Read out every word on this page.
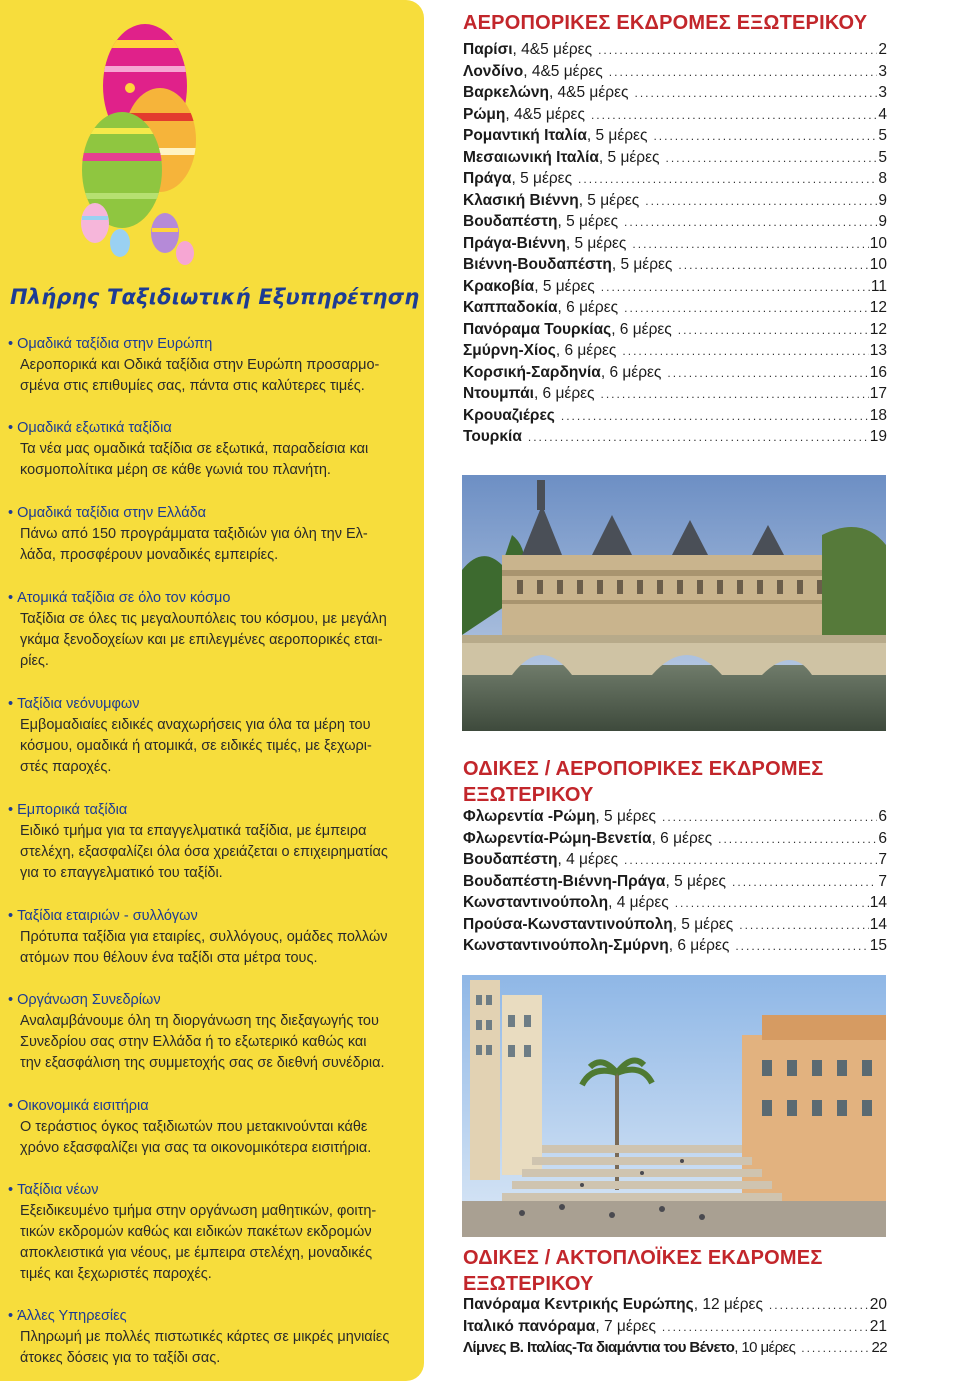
Πλήρης Ταξιδιωτική Εξυπηρέτηση
• Ομαδικά ταξίδια στην Ευρώπη
Αεροπορικά και Οδικά ταξίδια στην Ευρώπη προσαρμο-
σμένα στις επιθυμίες σας, πάντα στις καλύτερες τιμές.
• Ομαδικά εξωτικά ταξίδια
Τα νέα μας ομαδικά ταξίδια σε εξωτικά, παραδείσια και
κοσμοπολίτικα μέρη σε κάθε γωνιά του πλανήτη.
• Ομαδικά ταξίδια στην Ελλάδα
Πάνω από 150 προγράμματα ταξιδιών για όλη την Ελ-
λάδα, προσφέρουν μοναδικές εμπειρίες.
• Ατομικά ταξίδια σε όλο τον κόσμο
Ταξίδια σε όλες τις μεγαλουπόλεις του κόσμου, με μεγάλη
γκάμα ξενοδοχείων και με επιλεγμένες αεροπορικές εται-
ρίες.
• Ταξίδια νεόνυμφων
Εμβομαδιαίες ειδικές αναχωρήσεις για όλα τα μέρη του
κόσμου, ομαδικά ή ατομικά, σε ειδικές τιμές, με ξεχωρι-
στές παροχές.
• Εμπορικά ταξίδια
Ειδικό τμήμα για τα επαγγελματικά ταξίδια, με έμπειρα
στελέχη, εξασφαλίζει όλα όσα χρειάζεται ο επιχειρηματίας
για το επαγγελματικό του ταξίδι.
• Ταξίδια εταιριών - συλλόγων
Πρότυπα ταξίδια για εταιρίες, συλλόγους, ομάδες πολλών
ατόμων που θέλουν ένα ταξίδι στα μέτρα τους.
• Οργάνωση Συνεδρίων
Αναλαμβάνουμε όλη τη διοργάνωση της διεξαγωγής του
Συνεδρίου σας στην Ελλάδα ή το εξωτερικό καθώς και
την εξασφάλιση της συμμετοχής σας σε διεθνή συνέδρια.
• Οικονομικά εισιτήρια
Ο τεράστιος όγκος ταξιδιωτών που μετακινούνται κάθε
χρόνο εξασφαλίζει για σας τα οικονομικότερα εισιτήρια.
• Ταξίδια νέων
Εξειδικευμένο τμήμα στην οργάνωση μαθητικών, φοιτη-
τικών εκδρομών καθώς και ειδικών πακέτων εκδρομών
αποκλειστικά για νέους, με έμπειρα στελέχη, μοναδικές
τιμές και ξεχωριστές παροχές.
• Άλλες Υπηρεσίες
Πληρωμή με πολλές πιστωτικές κάρτες σε μικρές μηνιαίες
άτοκες δόσεις για το ταξίδι σας.
ΑΕΡΟΠΟΡΙΚΕΣ ΕΚΔΡΟΜΕΣ ΕΞΩΤΕΡΙΚΟΥ
Παρίσι , 4&5 μέρες .....	2
Λονδίνο , 4&5 μέρες .....	3
Βαρκελώνη , 4&5 μέρες .....	3
Ρώμη , 4&5 μέρες .....	4
Ρομαντική Ιταλία , 5 μέρες .....	5
Μεσαιωνική Ιταλία , 5 μέρες .....	5
Πράγα , 5 μέρες .....	8
Κλασική Βιέννη , 5 μέρες .....	9
Βουδαπέστη , 5 μέρες .....	9
Πράγα-Βιέννη , 5 μέρες .....	10
Βιέννη-Βουδαπέστη , 5 μέρες .....	10
Κρακοβία , 5 μέρες .....	11
Καππαδοκία , 6 μέρες .....	12
Πανόραμα Τουρκίας , 6 μέρες .....	12
Σμύρνη-Χίος , 6 μέρες .....	13
Κορσική-Σαρδηνία , 6 μέρες .....	16
Ντουμπάι , 6 μέρες .....	17
Κρουαζιέρες .....	18
Τουρκία .....	19
ΟΔΙΚΕΣ / ΑΕΡΟΠΟΡΙΚΕΣ ΕΚΔΡΟΜΕΣ
ΕΞΩΤΕΡΙΚΟΥ
Φλωρεντία -Ρώμη , 5 μέρες .....	6
Φλωρεντία-Ρώμη-Βενετία , 6 μέρες .....	6
Βουδαπέστη , 4 μέρες .....	7
Βουδαπέστη-Βιέννη-Πράγα , 5 μέρες .....	7
Κωνσταντινούπολη , 4 μέρες .....	14
Προύσα-Κωνσταντινούπολη , 5 μέρες .....	14
Κωνσταντινούπολη-Σμύρνη , 6 μέρες .....	15
ΟΔΙΚΕΣ / ΑΚΤΟΠΛΟΪΚΕΣ ΕΚΔΡΟΜΕΣ
ΕΞΩΤΕΡΙΚΟΥ
Πανόραμα Κεντρικής Ευρώπης , 12 μέρες .....	20
Ιταλικό πανόραμα , 7 μέρες .....	21
Λίμνες Β. Ιταλίας-Τα διαμάντια του Βένετο , 10 μέρες .....	22
